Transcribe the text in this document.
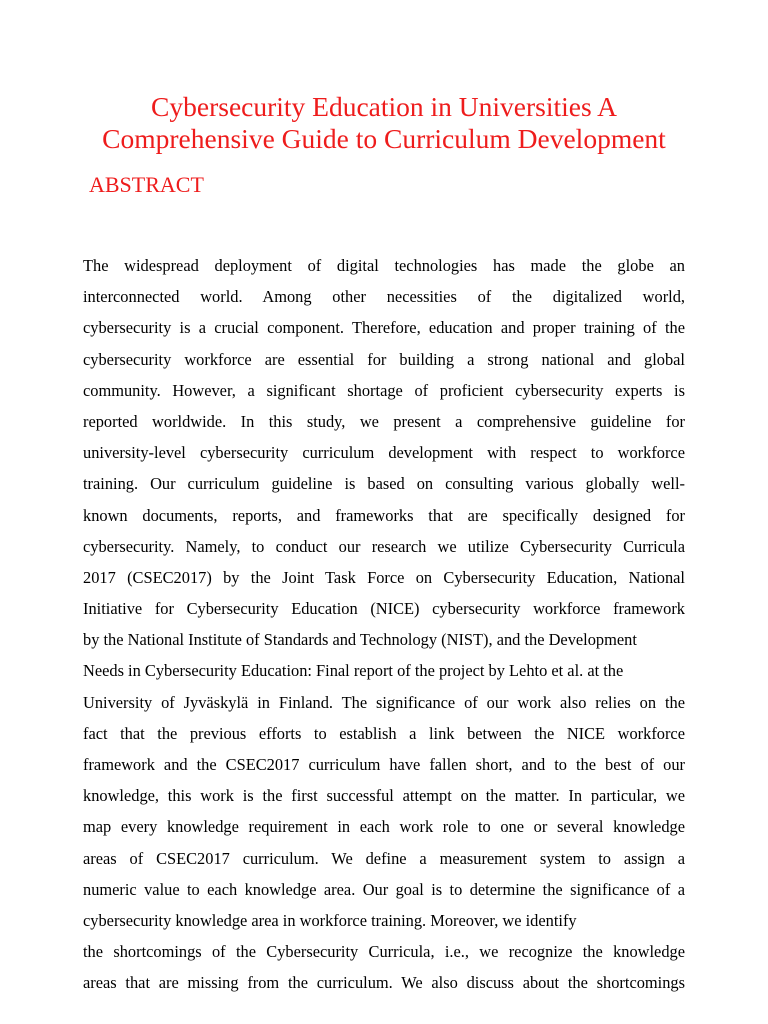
Cybersecurity Education in Universities A
Comprehensive Guide to Curriculum Development
ABSTRACT
The widespread deployment of digital technologies has made the globe an
interconnected world. Among other necessities of the digitalized world,
cybersecurity is a crucial component. Therefore, education and proper training of the
cybersecurity workforce are essential for building a strong national and global
community. However, a significant shortage of proficient cybersecurity experts is
reported worldwide. In this study, we present a comprehensive guideline for
university-level cybersecurity curriculum development with respect to workforce
training. Our curriculum guideline is based on consulting various globally well-
known documents, reports, and frameworks that are specifically designed for
cybersecurity. Namely, to conduct our research we utilize Cybersecurity Curricula
2017 (CSEC2017) by the Joint Task Force on Cybersecurity Education, National
Initiative for Cybersecurity Education (NICE) cybersecurity workforce framework
by the National Institute of Standards and Technology (NIST), and the Development
Needs in Cybersecurity Education: Final report of the project by Lehto et al. at the
University of Jyväskylä in Finland. The significance of our work also relies on the
fact that the previous efforts to establish a link between the NICE workforce
framework and the CSEC2017 curriculum have fallen short, and to the best of our
knowledge, this work is the first successful attempt on the matter. In particular, we
map every knowledge requirement in each work role to one or several knowledge
areas of CSEC2017 curriculum. We define a measurement system to assign a
numeric value to each knowledge area. Our goal is to determine the significance of a
cybersecurity knowledge area in workforce training. Moreover, we identify
the shortcomings of the Cybersecurity Curricula, i.e., we recognize the knowledge
areas that are missing from the curriculum. We also discuss about the shortcomings
